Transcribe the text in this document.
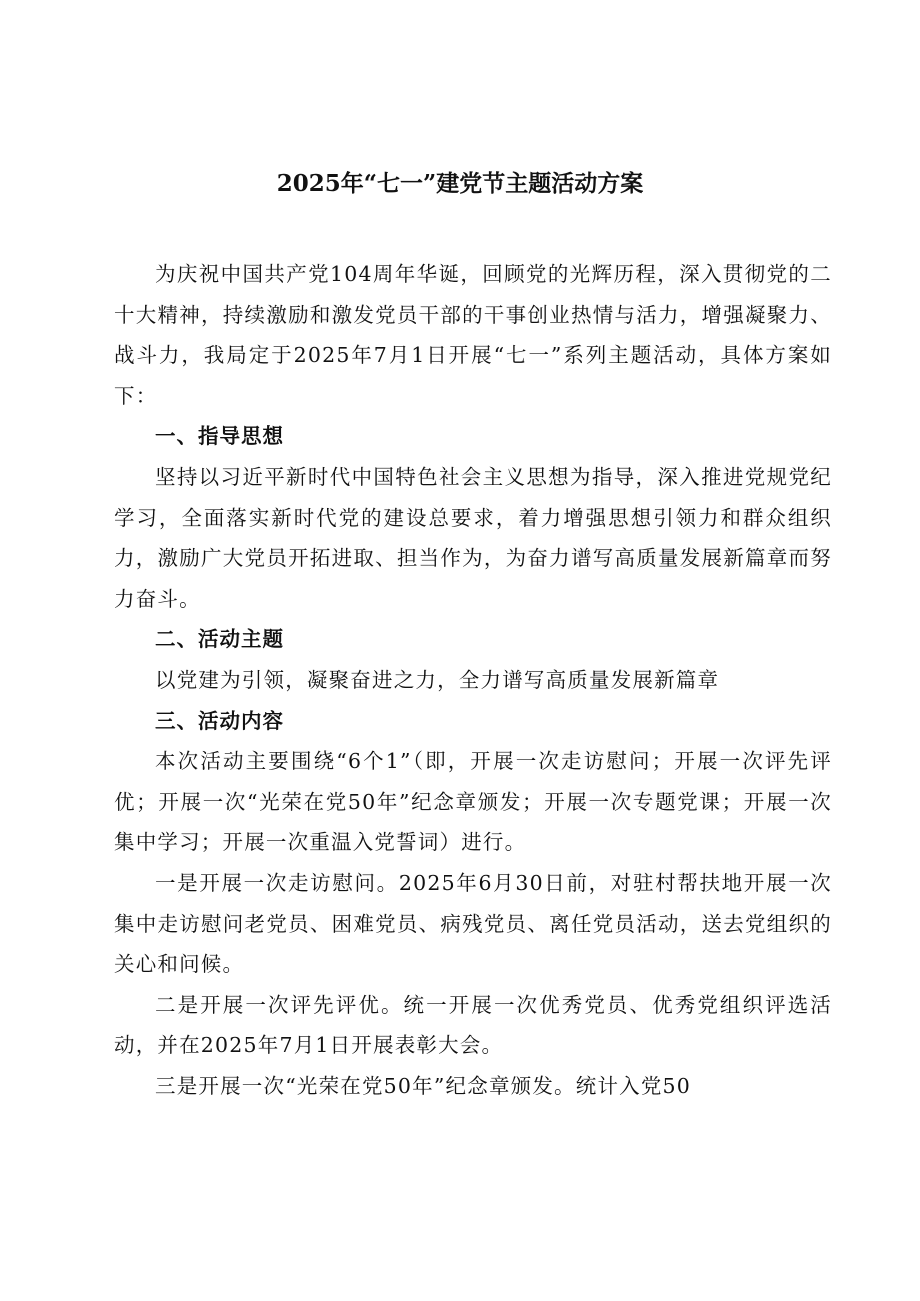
2025年“七一”建党节主题活动方案

为庆祝中国共产党104周年华诞，回顾党的光辉历程，深入贯彻党的二十大精神，持续激励和激发党员干部的干事创业热情与活力，增强凝聚力、战斗力，我局定于2025年7月1日开展“七一”系列主题活动，具体方案如下：

一、指导思想

坚持以习近平新时代中国特色社会主义思想为指导，深入推进党规党纪学习，全面落实新时代党的建设总要求，着力增强思想引领力和群众组织力，激励广大党员开拓进取、担当作为，为奋力谱写高质量发展新篇章而努力奋斗。

二、活动主题

以党建为引领，凝聚奋进之力，全力谱写高质量发展新篇章

三、活动内容

本次活动主要围绕“6个1”（即，开展一次走访慰问；开展一次评先评优；开展一次“光荣在党50年”纪念章颁发；开展一次专题党课；开展一次集中学习；开展一次重温入党誓词）进行。

一是开展一次走访慰问。2025年6月30日前，对驻村帮扶地开展一次集中走访慰问老党员、困难党员、病残党员、离任党员活动，送去党组织的关心和问候。

二是开展一次评先评优。统一开展一次优秀党员、优秀党组织评选活动，并在2025年7月1日开展表彰大会。

三是开展一次“光荣在党50年”纪念章颁发。统计入党50
